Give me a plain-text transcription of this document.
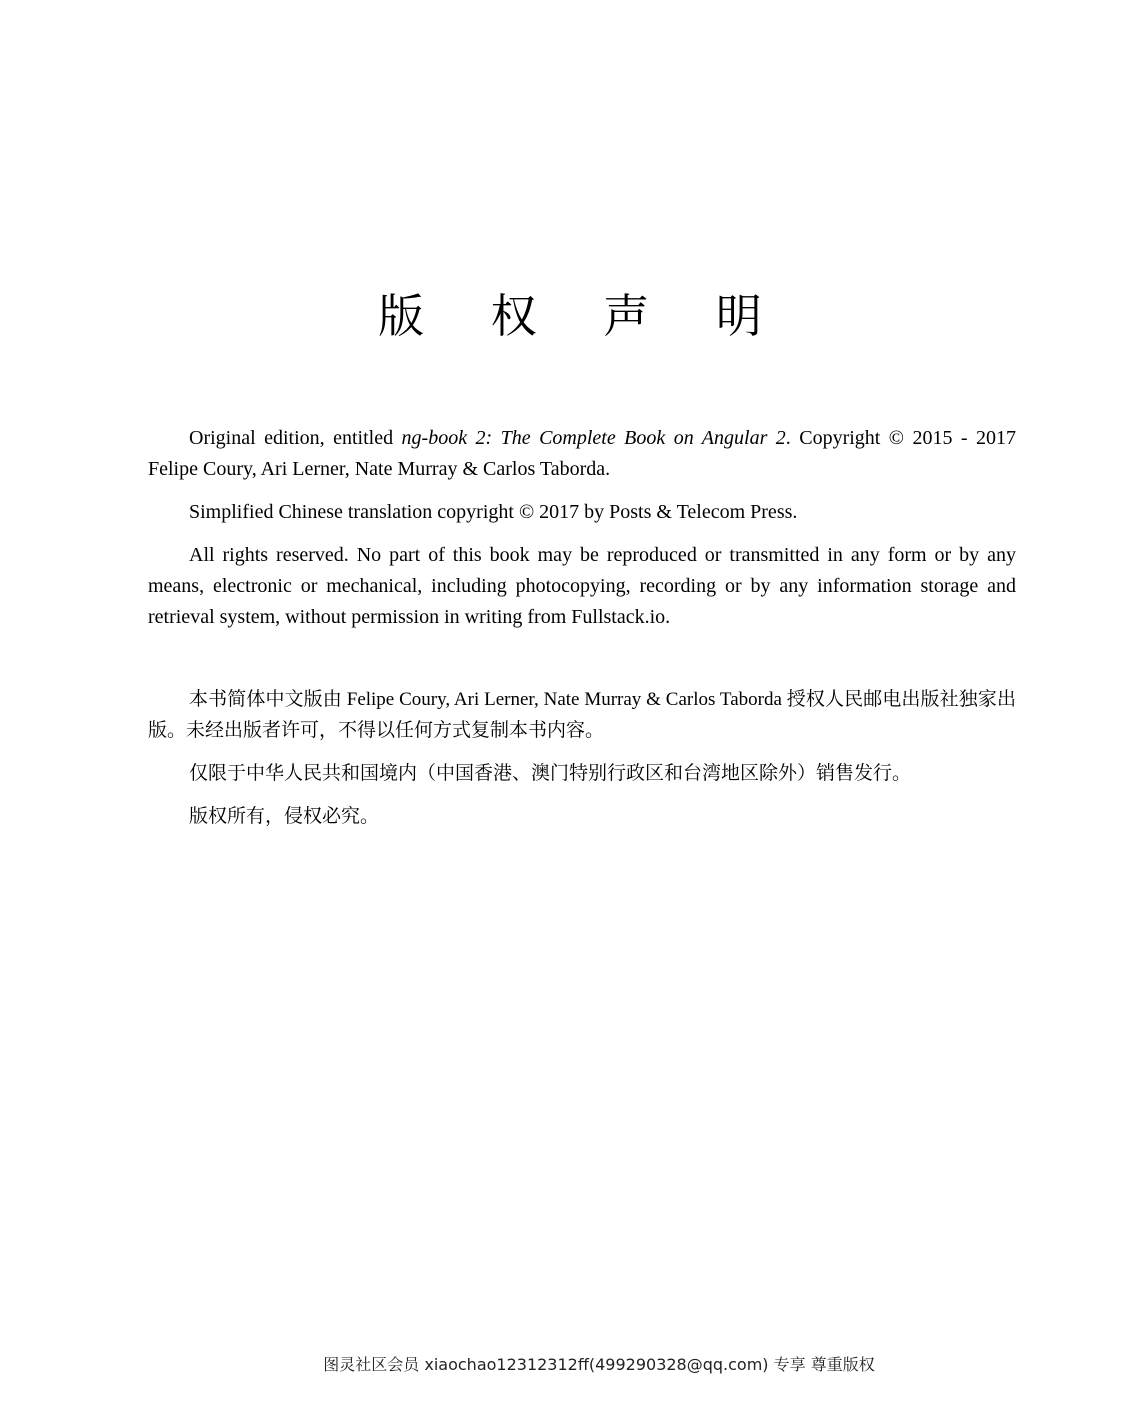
版 权 声 明

Original edition, entitled ng-book 2: The Complete Book on Angular 2. Copyright © 2015 - 2017 Felipe Coury, Ari Lerner, Nate Murray & Carlos Taborda.

Simplified Chinese translation copyright © 2017 by Posts & Telecom Press.

All rights reserved. No part of this book may be reproduced or transmitted in any form or by any means, electronic or mechanical, including photocopying, recording or by any information storage and retrieval system, without permission in writing from Fullstack.io.

本书简体中文版由 Felipe Coury, Ari Lerner, Nate Murray & Carlos Taborda 授权人民邮电出版社独家出版。未经出版者许可，不得以任何方式复制本书内容。

仅限于中华人民共和国境内（中国香港、澳门特别行政区和台湾地区除外）销售发行。

版权所有，侵权必究。

图灵社区会员 xiaochao12312312ff(499290328@qq.com) 专享 尊重版权
